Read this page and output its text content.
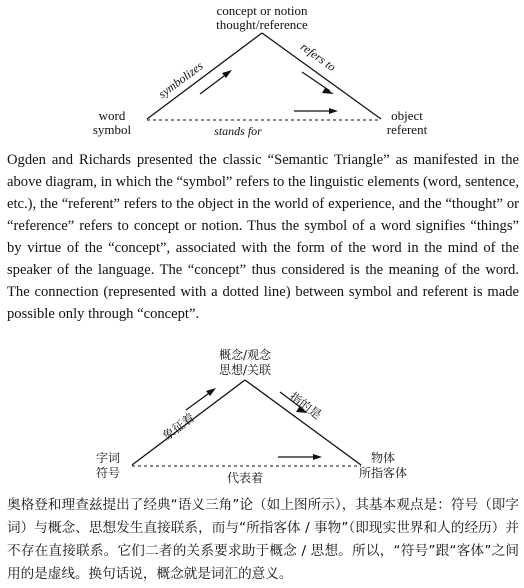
concept or notion
thought/reference
symbolizes
refers to
word
symbol
object
referent
stands for

Ogden and Richards presented the classic “Semantic Triangle” as manifested in the above diagram, in which the “symbol” refers to the linguistic elements (word, sentence, etc.), the “referent” refers to the object in the world of experience, and the “thought” or “reference” refers to concept or notion. Thus the symbol of a word signifies “things” by virtue of the “concept”, associated with the form of the word in the mind of the speaker of the language. The “concept” thus considered is the meaning of the word. The connection (represented with a dotted line) between symbol and referent is made possible only through “concept”.

概念/观念
思想/关联
象征着
指的是
字词
符号
物体
所指客体
代表着

奥格登和理查兹提出了经典“语义三角”论（如上图所示），其基本观点是：符号（即字词）与概念、思想发生直接联系，而与“所指客体 / 事物”（即现实世界和人的经历）并不存在直接联系。它们二者的关系要求助于概念 / 思想。所以，“符号”跟“客体”之间用的是虚线。换句话说，概念就是词汇的意义。
